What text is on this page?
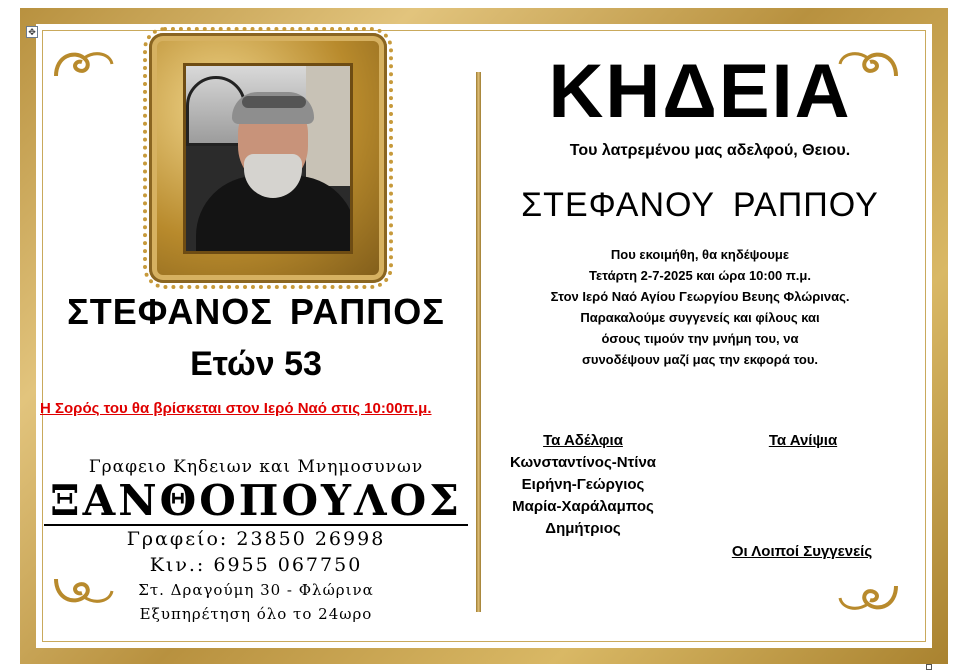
✥
ΣΤΕΦΑΝΟΣ ΡΑΠΠΟΣ
Ετών 53
Η Σορός του θα βρίσκεται στον Ιερό Ναό στις 10:00π.μ.
Γραφειο Κηδειων και Μνημοσυνων
ΞΑΝΘΟΠΟΥΛΟΣ
Γραφείο: 23850 26998
Κιν.: 6955 067750
Στ. Δραγούμη 30 - Φλώρινα
Εξυπηρέτηση όλο το 24ωρο
ΚΗΔΕΙΑ
Του λατρεμένου μας αδελφού, Θειου.
ΣΤΕΦΑΝΟΥ ΡΑΠΠΟΥ
Που εκοιμήθη, θα κηδέψουμε
Τετάρτη 2-7-2025 και ώρα 10:00 π.μ.
Στον Ιερό Ναό Αγίου Γεωργίου Βευης Φλώρινας.
Παρακαλούμε συγγενείς και φίλους και
όσους τιμούν την μνήμη του, να
συνοδέψουν μαζί μας την εκφορά του.
Τα Αδέλφια
Κωνσταντίνος-Ντίνα
Ειρήνη-Γεώργιος
Μαρία-Χαράλαμπος
Δημήτριος
Τα Ανίψια
Οι Λοιποί Συγγενείς
